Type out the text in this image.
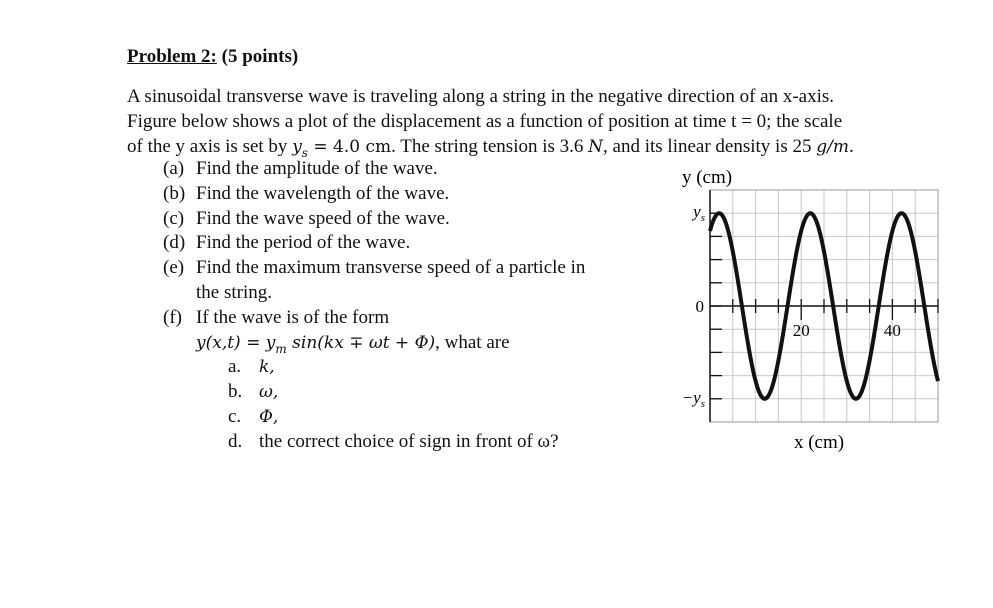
Problem 2: (5 points)
A sinusoidal transverse wave is traveling along a string in the negative direction of an x-axis.
Figure below shows a plot of the displacement as a function of position at time t = 0; the scale
of the y axis is set by $y_s = 4.0$ cm. The string tension is 3.6 N, and its linear density is 25 g/m.
(a) Find the amplitude of the wave.
(b) Find the wavelength of the wave.
(c) Find the wave speed of the wave.
(d) Find the period of the wave.
(e) Find the maximum transverse speed of a particle in
the string.
(f) If the wave is of the form
$y(x,t) = y_m$ sin(kx ∓ ωt + Φ), what are
a. k,
b. ω,
c. Φ,
d. the correct choice of sign in front of ω?
y (cm)
x (cm)
$y_s$
0
$-y_s$
20	40
